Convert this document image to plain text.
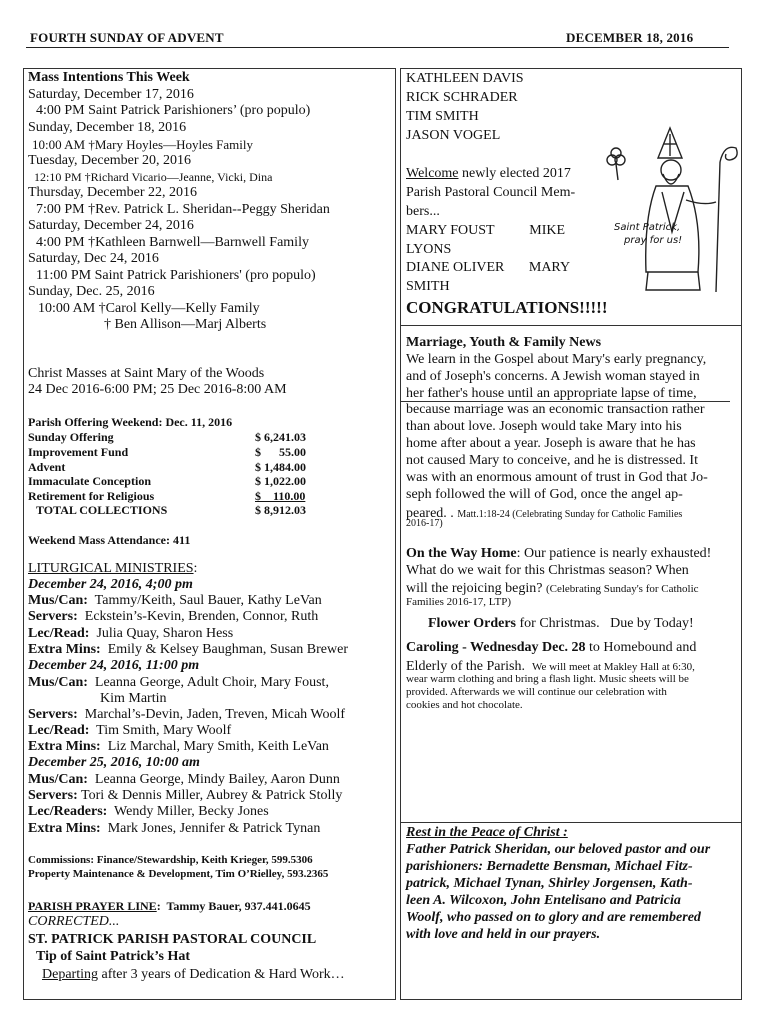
FOURTH SUNDAY OF ADVENT	DECEMBER 18, 2016
Mass Intentions This Week
Saturday, December 17, 2016
4:00 PM Saint Patrick Parishioners’ (pro populo)
Sunday, December 18, 2016
10:00 AM †Mary Hoyles—Hoyles Family
Tuesday, December 20, 2016
12:10 PM †Richard Vicario—Jeanne, Vicki, Dina
Thursday, December 22, 2016
7:00 PM †Rev. Patrick L. Sheridan--Peggy Sheridan
Saturday, December 24, 2016
4:00 PM †Kathleen Barnwell—Barnwell Family
Saturday, Dec 24, 2016
11:00 PM Saint Patrick Parishioners' (pro populo)
Sunday, Dec. 25, 2016
10:00 AM †Carol Kelly—Kelly Family
† Ben Allison—Marj Alberts
Christ Masses at Saint Mary of the Woods
24 Dec 2016-6:00 PM; 25 Dec 2016-8:00 AM
Parish Offering Weekend: Dec. 11, 2016
Sunday Offering	$ 6,241.03
Improvement Fund	$      55.00
Advent	$ 1,484.00
Immaculate Conception	$ 1,022.00
Retirement for Religious	$    110.00
TOTAL COLLECTIONS	$ 8,912.03
Weekend Mass Attendance: 411
LITURGICAL MINISTRIES:
December 24, 2016, 4;00 pm
Mus/Can:  Tammy/Keith, Saul Bauer, Kathy LeVan
Servers:  Eckstein’s-Kevin, Brenden, Connor, Ruth
Lec/Read:  Julia Quay, Sharon Hess
Extra Mins:  Emily & Kelsey Baughman, Susan Brewer
December 24, 2016, 11:00 pm
Mus/Can:  Leanna George, Adult Choir, Mary Foust,
Kim Martin
Servers:  Marchal’s-Devin, Jaden, Treven, Micah Woolf
Lec/Read:  Tim Smith, Mary Woolf
Extra Mins:  Liz Marchal, Mary Smith, Keith LeVan
December 25, 2016, 10:00 am
Mus/Can:  Leanna George, Mindy Bailey, Aaron Dunn
Servers: Tori & Dennis Miller, Aubrey & Patrick Stolly
Lec/Readers:  Wendy Miller, Becky Jones
Extra Mins:  Mark Jones, Jennifer & Patrick Tynan
Commissions: Finance/Stewardship, Keith Krieger, 599.5306
Property Maintenance & Development, Tim O’Rielley, 593.2365
PARISH PRAYER LINE:  Tammy Bauer, 937.441.0645
CORRECTED...
ST. PATRICK PARISH PASTORAL COUNCIL
Tip of Saint Patrick’s Hat
Departing after 3 years of Dedication & Hard Work…
KATHLEEN DAVIS
RICK SCHRADER
TIM SMITH
JASON VOGEL
Welcome newly elected 2017
Parish Pastoral Council Mem-
bers...
MARY FOUST          MIKE
LYONS
DIANE OLIVER       MARY
SMITH
CONGRATULATIONS!!!!!
Saint Patrick,
pray for us!
Marriage, Youth & Family News
We learn in the Gospel about Mary's early pregnancy,
and of Joseph's concerns. A Jewish woman stayed in
her father's house until an appropriate lapse of time,
because marriage was an economic transaction rather
than about love. Joseph would take Mary into his
home after about a year. Joseph is aware that he has
not caused Mary to conceive, and he is distressed. It
was with an enormous amount of trust in God that Jo-
seph followed the will of God, once the angel ap-
peared. . Matt.1:18-24 (Celebrating Sunday for Catholic Families
2016-17)
On the Way Home: Our patience is nearly exhausted!
What do we wait for this Christmas season? When
will the rejoicing begin? (Celebrating Sunday's for Catholic
Families 2016-17, LTP)
Flower Orders for Christmas.   Due by Today!
Caroling - Wednesday Dec. 28 to Homebound and
Elderly of the Parish.  We will meet at Makley Hall at 6:30,
wear warm clothing and bring a flash light. Music sheets will be
provided. Afterwards we will continue our celebration with
cookies and hot chocolate.
Rest in the Peace of Christ :
Father Patrick Sheridan, our beloved pastor and our
parishioners: Bernadette Bensman, Michael Fitz-
patrick, Michael Tynan, Shirley Jorgensen, Kath-
leen A. Wilcoxon, John Entelisano and Patricia
Woolf, who passed on to glory and are remembered
with love and held in our prayers.
